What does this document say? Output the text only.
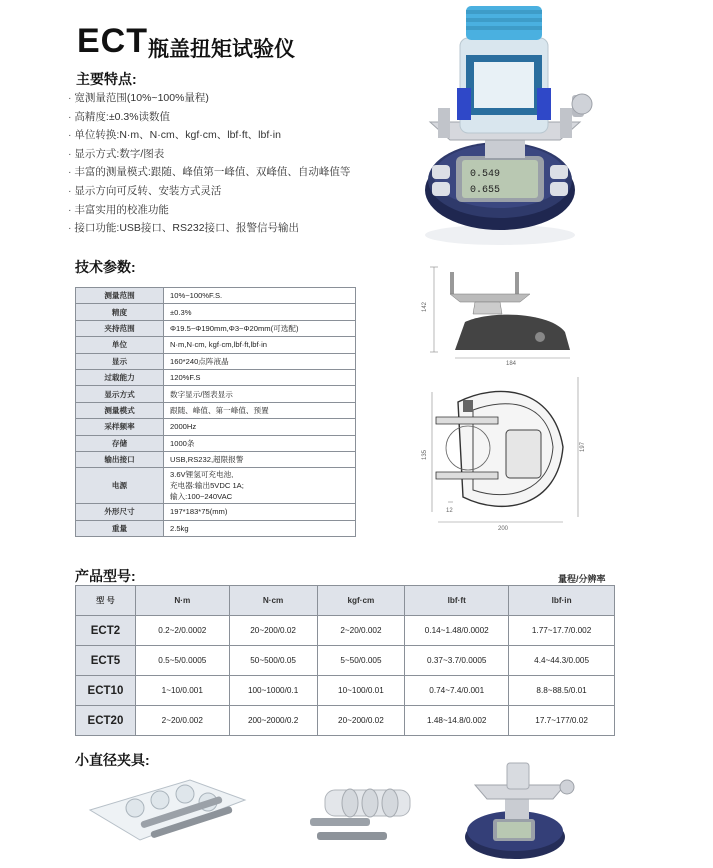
ECT 瓶盖扭矩试验仪
主要特点:
· 宽测量范围(10%~100%量程)
· 高精度:±0.3%读数值
· 单位转换:N·m、N·cm、kgf·cm、lbf·ft、lbf·in
· 显示方式:数字/图表
· 丰富的测量模式:跟随、峰值第一峰值、双峰值、自动峰值等
· 显示方向可反转、安装方式灵活
· 丰富实用的校准功能
· 接口功能:USB接口、RS232接口、报警信号输出
0.549
0.655
技术参数:
测量范围	10%~100%F.S.
精度	±0.3%
夹持范围	Φ19.5~Φ190mm,Φ3~Φ20mm(可选配)
单位	N·m,N·cm, kgf·cm,lbf·ft,lbf·in
显示	160*240点阵液晶
过载能力	120%F.S
显示方式	数字显示/图表显示
测量模式	跟随、峰值、第一峰值、预置
采样频率	2000Hz
存储	1000条
输出接口	USB,RS232,超限报警
电源	3.6V锂氢可充电池,
充电器:输出5VDC 1A;
输入:100~240VAC

外形尺寸	197*183*75(mm)
重量	2.5kg
142
184
135
197
12
200
产品型号:	量程/分辨率
型 号	N·m	N·cm	kgf·cm	lbf·ft	lbf·in
ECT2	0.2~2/0.0002	20~200/0.02	2~20/0.002	0.14~1.48/0.0002	1.77~17.7/0.002
ECT5	0.5~5/0.0005	50~500/0.05	5~50/0.005	0.37~3.7/0.0005	4.4~44.3/0.005
ECT10	1~10/0.001	100~1000/0.1	10~100/0.01	0.74~7.4/0.001	8.8~88.5/0.01
ECT20	2~20/0.002	200~2000/0.2	20~200/0.02	1.48~14.8/0.002	17.7~177/0.02
小直径夹具:
